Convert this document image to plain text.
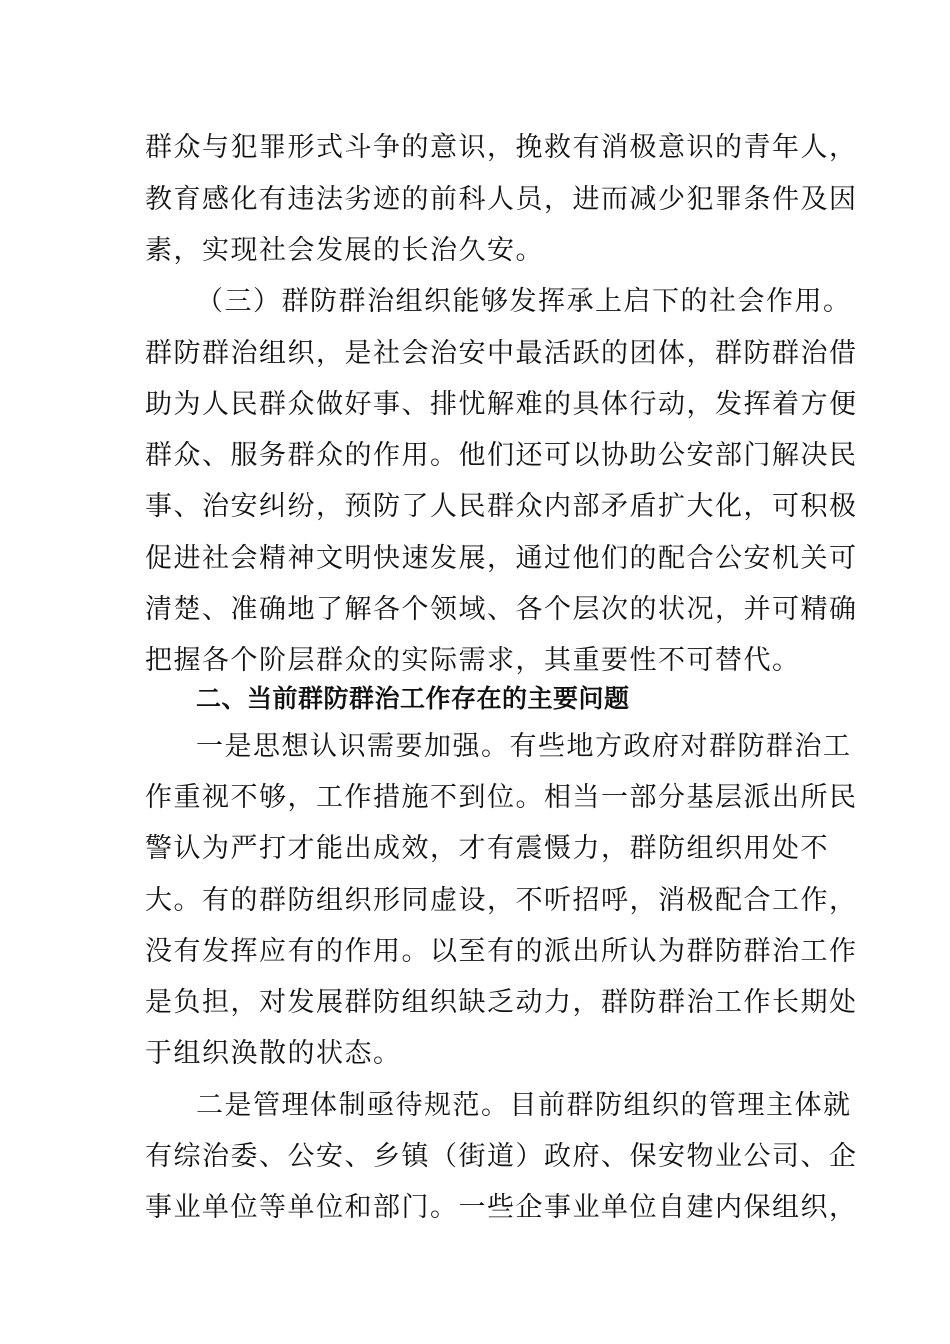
群众与犯罪形式斗争的意识，挽救有消极意识的青年人，
教育感化有违法劣迹的前科人员，进而减少犯罪条件及因
素，实现社会发展的长治久安。
（三）群防群治组织能够发挥承上启下的社会作用。
群防群治组织，是社会治安中最活跃的团体，群防群治借
助为人民群众做好事、排忧解难的具体行动，发挥着方便
群众、服务群众的作用。他们还可以协助公安部门解决民
事、治安纠纷，预防了人民群众内部矛盾扩大化，可积极
促进社会精神文明快速发展，通过他们的配合公安机关可
清楚、准确地了解各个领域、各个层次的状况，并可精确
把握各个阶层群众的实际需求，其重要性不可替代。
二、当前群防群治工作存在的主要问题
一是思想认识需要加强。有些地方政府对群防群治工
作重视不够，工作措施不到位。相当一部分基层派出所民
警认为严打才能出成效，才有震慑力，群防组织用处不
大。有的群防组织形同虚设，不听招呼，消极配合工作，
没有发挥应有的作用。以至有的派出所认为群防群治工作
是负担，对发展群防组织缺乏动力，群防群治工作长期处
于组织涣散的状态。
二是管理体制亟待规范。目前群防组织的管理主体就
有综治委、公安、乡镇（街道）政府、保安物业公司、企
事业单位等单位和部门。一些企事业单位自建内保组织，
